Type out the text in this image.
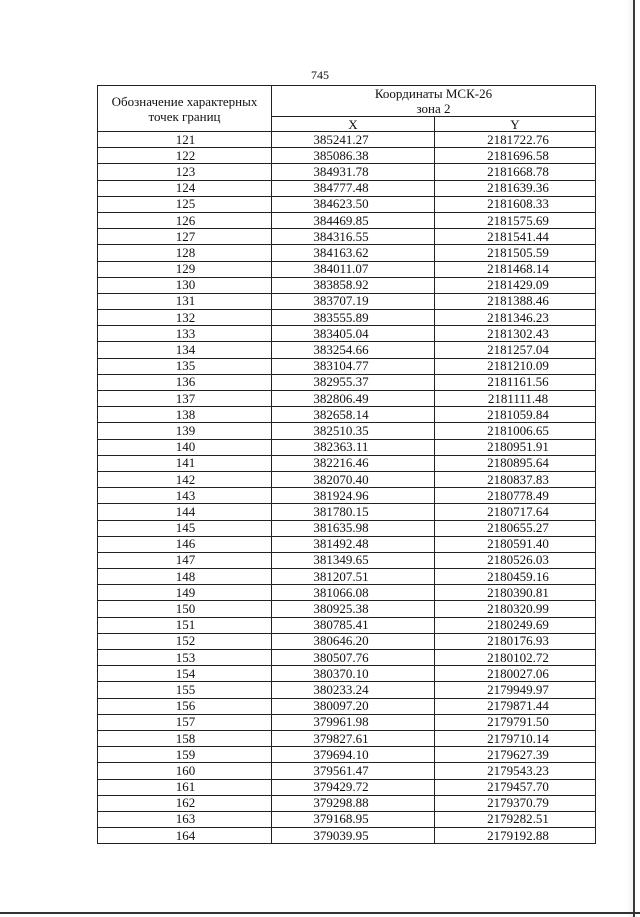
745
Обозначение характерных точек границ	Координаты МСК-26
зона 2	

	X	Y
121	385241.27	2181722.76
122	385086.38	2181696.58
123	384931.78	2181668.78
124	384777.48	2181639.36
125	384623.50	2181608.33
126	384469.85	2181575.69
127	384316.55	2181541.44
128	384163.62	2181505.59
129	384011.07	2181468.14
130	383858.92	2181429.09
131	383707.19	2181388.46
132	383555.89	2181346.23
133	383405.04	2181302.43
134	383254.66	2181257.04
135	383104.77	2181210.09
136	382955.37	2181161.56
137	382806.49	2181111.48
138	382658.14	2181059.84
139	382510.35	2181006.65
140	382363.11	2180951.91
141	382216.46	2180895.64
142	382070.40	2180837.83
143	381924.96	2180778.49
144	381780.15	2180717.64
145	381635.98	2180655.27
146	381492.48	2180591.40
147	381349.65	2180526.03
148	381207.51	2180459.16
149	381066.08	2180390.81
150	380925.38	2180320.99
151	380785.41	2180249.69
152	380646.20	2180176.93
153	380507.76	2180102.72
154	380370.10	2180027.06
155	380233.24	2179949.97
156	380097.20	2179871.44
157	379961.98	2179791.50
158	379827.61	2179710.14
159	379694.10	2179627.39
160	379561.47	2179543.23
161	379429.72	2179457.70
162	379298.88	2179370.79
163	379168.95	2179282.51
164	379039.95	2179192.88
